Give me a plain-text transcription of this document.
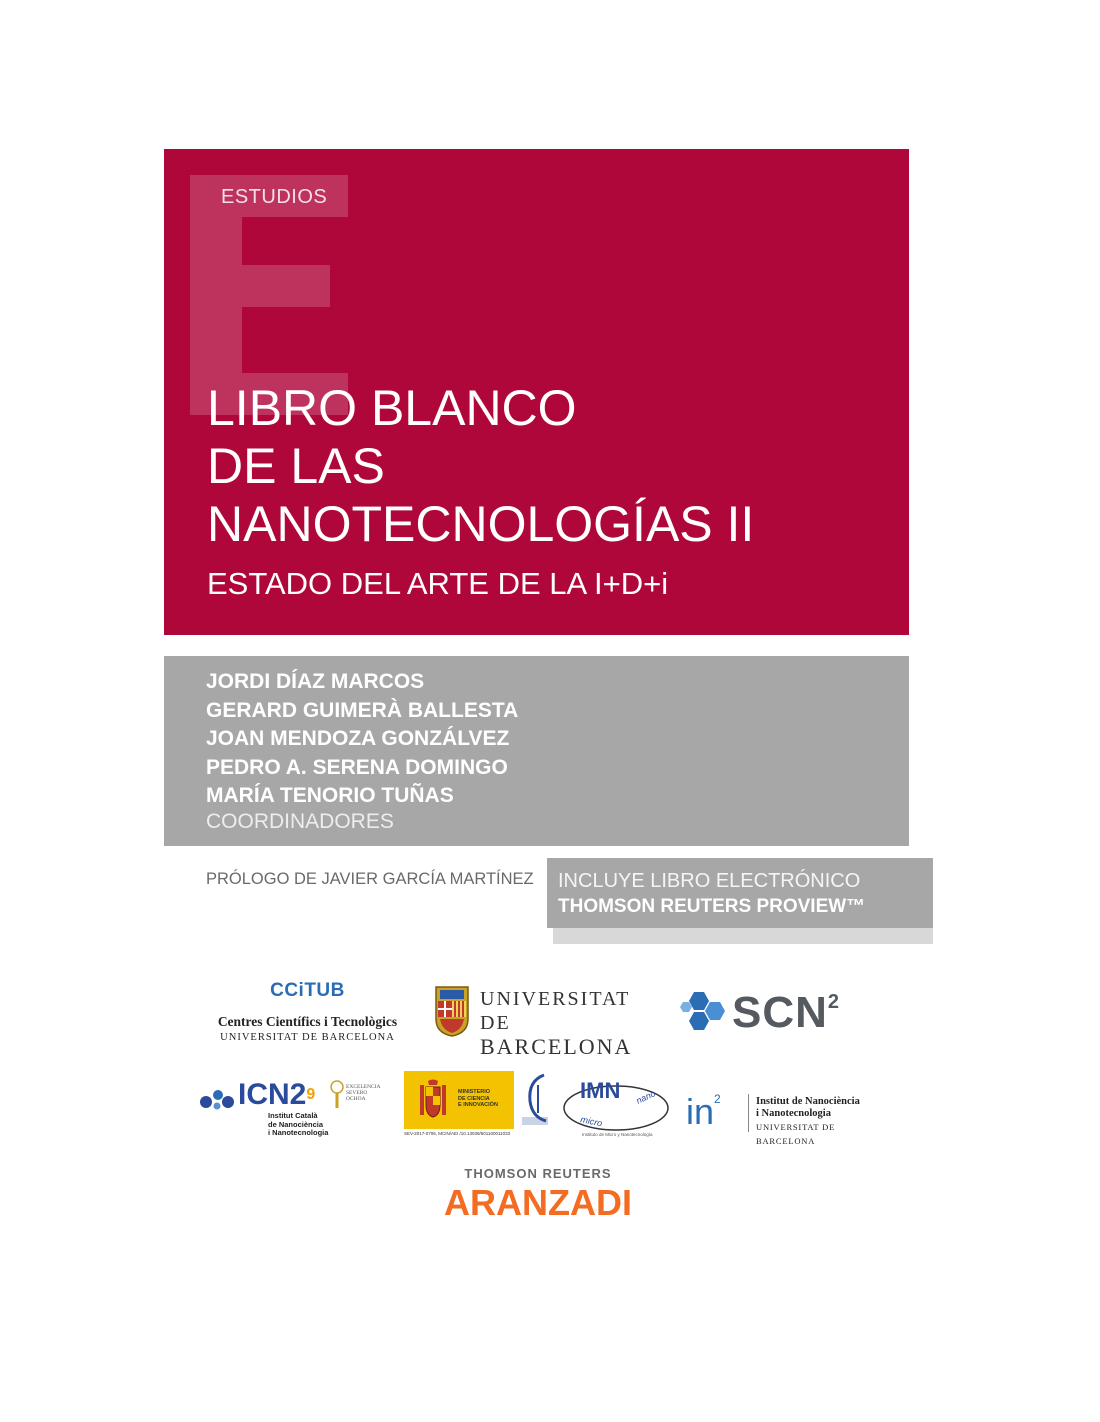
ESTUDIOS
LIBRO BLANCO
DE LAS
NANOTECNOLOGÍAS II
ESTADO DEL ARTE DE LA I+D+i
JORDI DÍAZ MARCOS
GERARD GUIMERÀ BALLESTA
JOAN MENDOZA GONZÁLVEZ
PEDRO A. SERENA DOMINGO
MARÍA TENORIO TUÑAS
COORDINADORES
PRÓLOGO DE JAVIER GARCÍA MARTÍNEZ INCLUYE LIBRO ELECTRÓNICO
THOMSON REUTERS PROVIEW™
CCiTUB
Centres Científics i Tecnològics
UNIVERSITAT DE BARCELONA
UNIVERSITAT DE
BARCELONA
SCN$^2$
$ICN2^9$
Institut Català
de Nanociència
i Nanotecnologia
EXCELENCIA
SEVERO
OCHOA
MINISTERIO
DE CIENCIA
E INNOVACIÓN
SEV-2017-0706, MCIN/AEI /10.13039/501100011033
IMN
micro
nano
Instituto de Micro y Nanotecnología
$in^2$	Institut de Nanociència
i Nanotecnologia
UNIVERSITAT DE BARCELONA
THOMSON REUTERS
ARANZADI
